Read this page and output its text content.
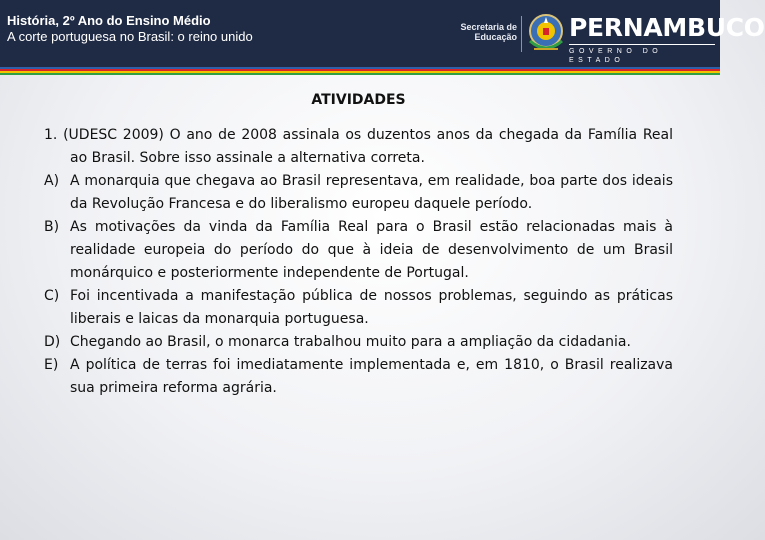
História, 2º Ano do Ensino Médio
A corte portuguesa no Brasil: o reino unido
Secretaria de
Educação PERNAMBUCO
GOVERNO DO ESTADO
ATIVIDADES
1. (UDESC 2009) O ano de 2008 assinala os duzentos anos da chegada da Família Real ao Brasil. Sobre isso assinale a alternativa correta.
A) A monarquia que chegava ao Brasil representava, em realidade, boa parte dos ideais da Revolução Francesa e do liberalismo europeu daquele período.
B) As motivações da vinda da Família Real para o Brasil estão relacionadas mais à realidade europeia do período do que à ideia de desenvolvimento de um Brasil monárquico e posteriormente independente de Portugal.
C) Foi incentivada a manifestação pública de nossos problemas, seguindo as práticas liberais e laicas da monarquia portuguesa.
D) Chegando ao Brasil, o monarca trabalhou muito para a ampliação da cidadania.
E) A política de terras foi imediatamente implementada e, em 1810, o Brasil realizava sua primeira reforma agrária.
